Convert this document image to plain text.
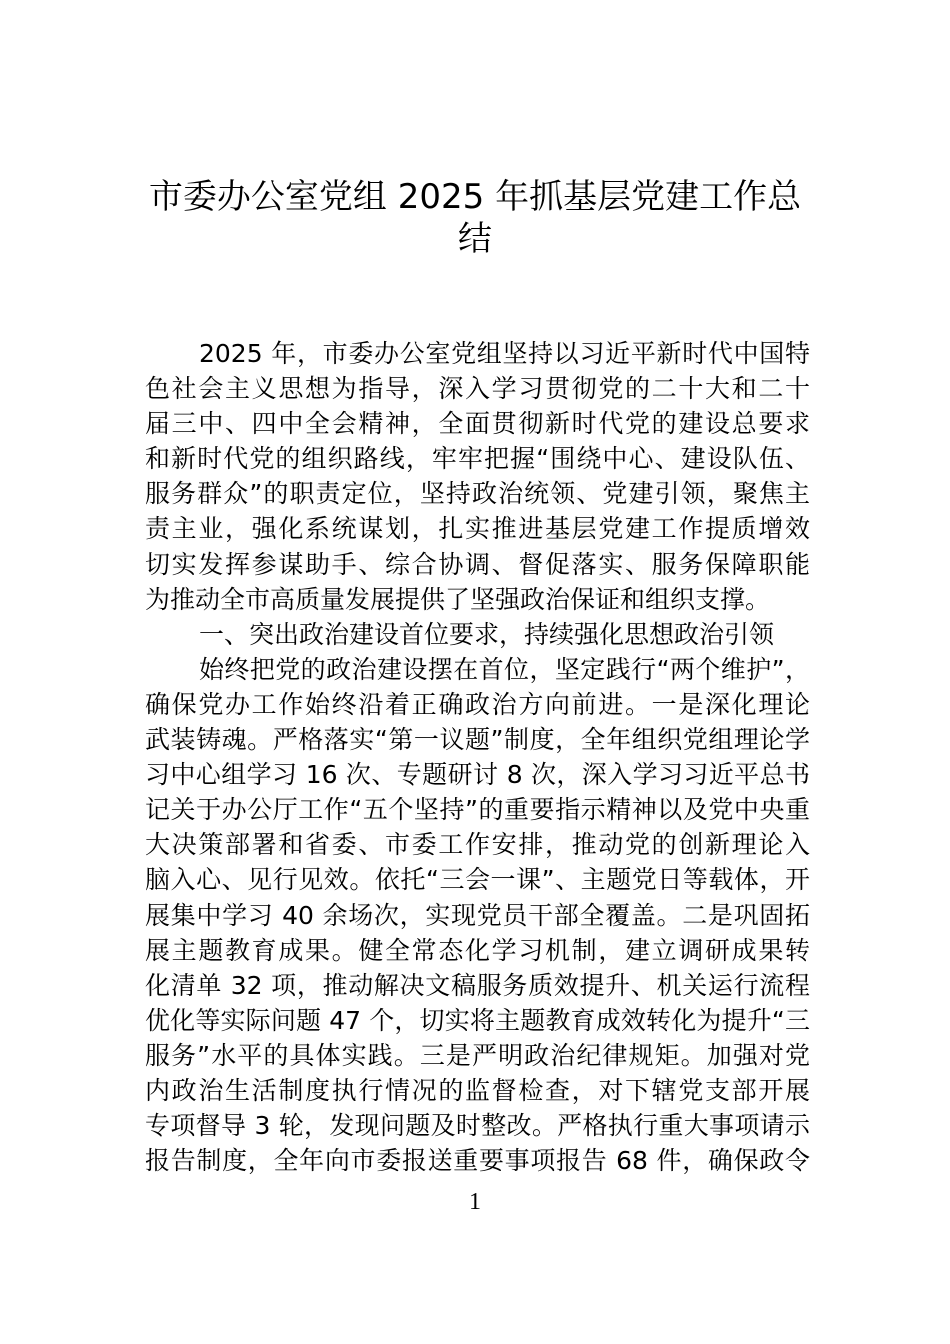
市委办公室党组 2025 年抓基层党建工作总
结
2025 年，市委办公室党组坚持以习近平新时代中国特
色社会主义思想为指导，深入学习贯彻党的二十大和二十
届三中、四中全会精神，全面贯彻新时代党的建设总要求
和新时代党的组织路线，牢牢把握“围绕中心、建设队伍、
服务群众”的职责定位，坚持政治统领、党建引领，聚焦主
责主业，强化系统谋划，扎实推进基层党建工作提质增效
切实发挥参谋助手、综合协调、督促落实、服务保障职能
为推动全市高质量发展提供了坚强政治保证和组织支撑。
一、突出政治建设首位要求，持续强化思想政治引领
始终把党的政治建设摆在首位，坚定践行“两个维护”，
确保党办工作始终沿着正确政治方向前进。一是深化理论
武装铸魂。严格落实“第一议题”制度，全年组织党组理论学
习中心组学习 16 次、专题研讨 8 次，深入学习习近平总书
记关于办公厅工作“五个坚持”的重要指示精神以及党中央重
大决策部署和省委、市委工作安排，推动党的创新理论入
脑入心、见行见效。依托“三会一课”、主题党日等载体，开
展集中学习 40 余场次，实现党员干部全覆盖。二是巩固拓
展主题教育成果。健全常态化学习机制，建立调研成果转
化清单 32 项，推动解决文稿服务质效提升、机关运行流程
优化等实际问题 47 个，切实将主题教育成效转化为提升“三
服务”水平的具体实践。三是严明政治纪律规矩。加强对党
内政治生活制度执行情况的监督检查，对下辖党支部开展
专项督导 3 轮，发现问题及时整改。严格执行重大事项请示
报告制度，全年向市委报送重要事项报告 68 件，确保政令
1
